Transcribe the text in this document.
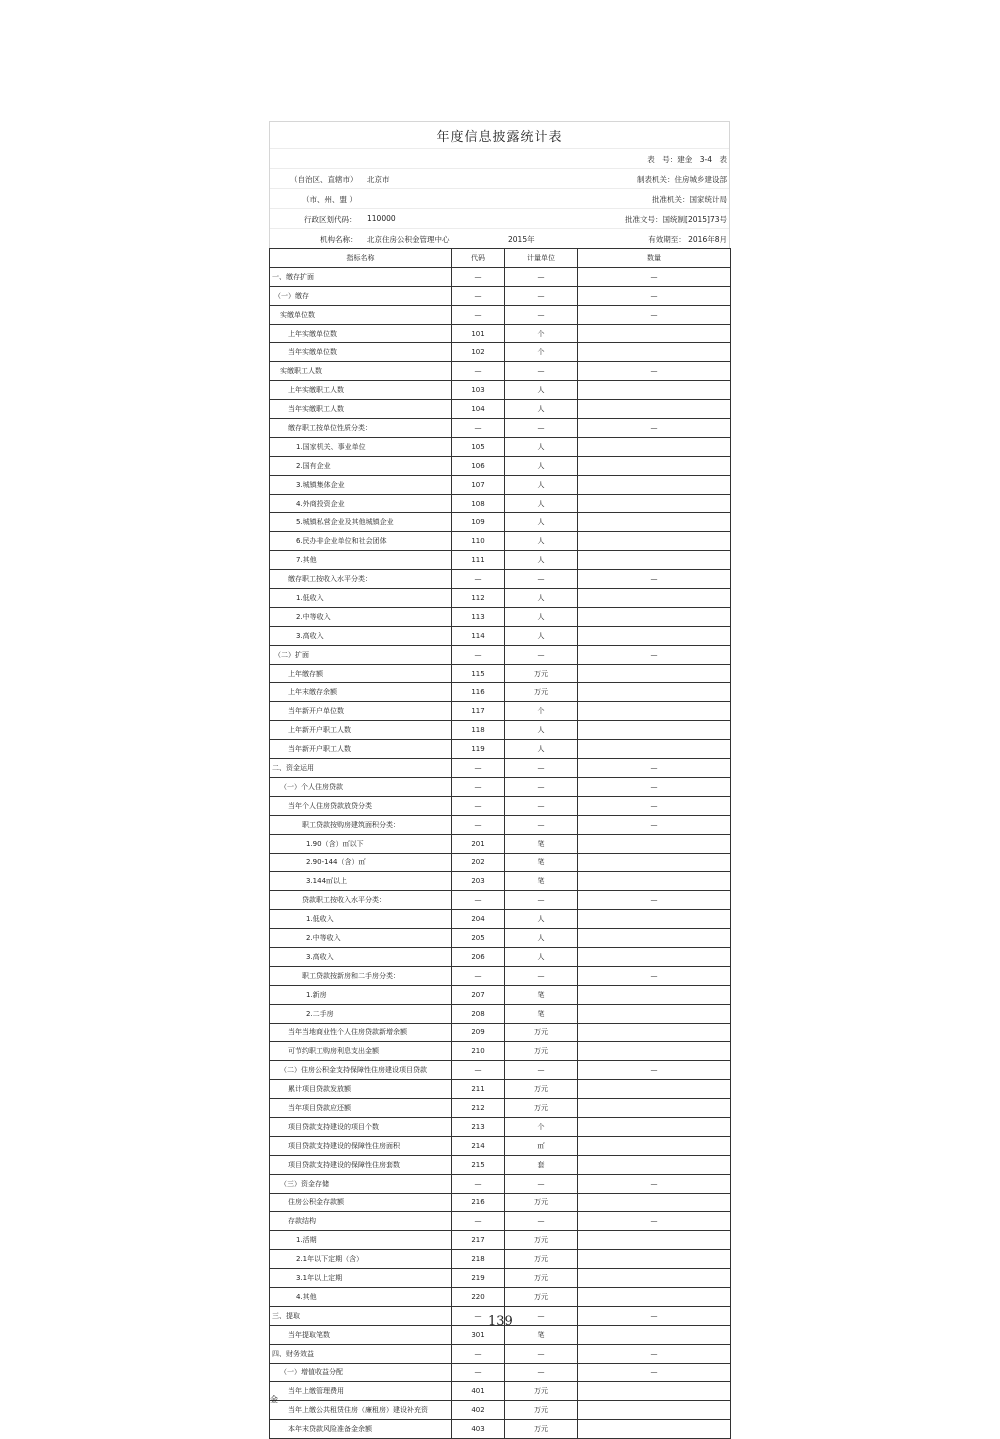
年度信息披露统计表
表　号：建金　3-4　表
（自治区、直辖市） 北京市	制表机关：住房城乡建设部
（市、州、盟 ）	批准机关：国家统计局
行政区划代码： 110000	批准文号：国统制[2015]73号
机构名称： 北京住房公积金管理中心	2015年	有效期至： 2016年8月
指标名称	代码	计量单位	数量
一、缴存扩面	—	—	—
（一）缴存	—	—	—
实缴单位数	—	—	—
上年实缴单位数	101	个	
当年实缴单位数	102	个	
实缴职工人数	—	—	—
上年实缴职工人数	103	人	
当年实缴职工人数	104	人	
缴存职工按单位性质分类：	—	—	—
1.国家机关、事业单位	105	人	
2.国有企业	106	人	
3.城镇集体企业	107	人	
4.外商投资企业	108	人	
5.城镇私营企业及其他城镇企业	109	人	
6.民办非企业单位和社会团体	110	人	
7.其他	111	人	
缴存职工按收入水平分类：	—	—	—
1.低收入	112	人	
2.中等收入	113	人	
3.高收入	114	人	
（二）扩面	—	—	—
上年缴存额	115	万元	
上年末缴存余额	116	万元	
当年新开户单位数	117	个	
上年新开户职工人数	118	人	
当年新开户职工人数	119	人	
二、资金运用	—	—	—
（一）个人住房贷款	—	—	—
当年个人住房贷款放贷分类	—	—	—
职工贷款按购房建筑面积分类：	—	—	—
1.90（含）㎡以下	201	笔	
2.90-144（含）㎡	202	笔	
3.144㎡以上	203	笔	
贷款职工按收入水平分类：	—	—	—
1.低收入	204	人	
2.中等收入	205	人	
3.高收入	206	人	
职工贷款按新房和二手房分类：	—	—	—
1.新房	207	笔	
2.二手房	208	笔	
当年当地商业性个人住房贷款新增余额	209	万元	
可节约职工购房利息支出金额	210	万元	
（二）住房公积金支持保障性住房建设项目贷款	—	—	—
累计项目贷款发放额	211	万元	
当年项目贷款应还额	212	万元	
项目贷款支持建设的项目个数	213	个	
项目贷款支持建设的保障性住房面积	214	㎡	
项目贷款支持建设的保障性住房套数	215	套	
（三）资金存储	—	—	—
住房公积金存款额	216	万元	
存款结构	—	—	—
1.活期	217	万元	
2.1年以下定期（含）	218	万元	
3.1年以上定期	219	万元	
4.其他	220	万元	
三、提取	—	—	—
当年提取笔数	301	笔	
四、财务效益	—	—	—
（一）增值收益分配	—	—	—
当年上缴管理费用	401	万元	
当年上缴公共租赁住房（廉租房）建设补充资	402	万元	
本年末贷款风险准备金余额	403	万元	
139
金
